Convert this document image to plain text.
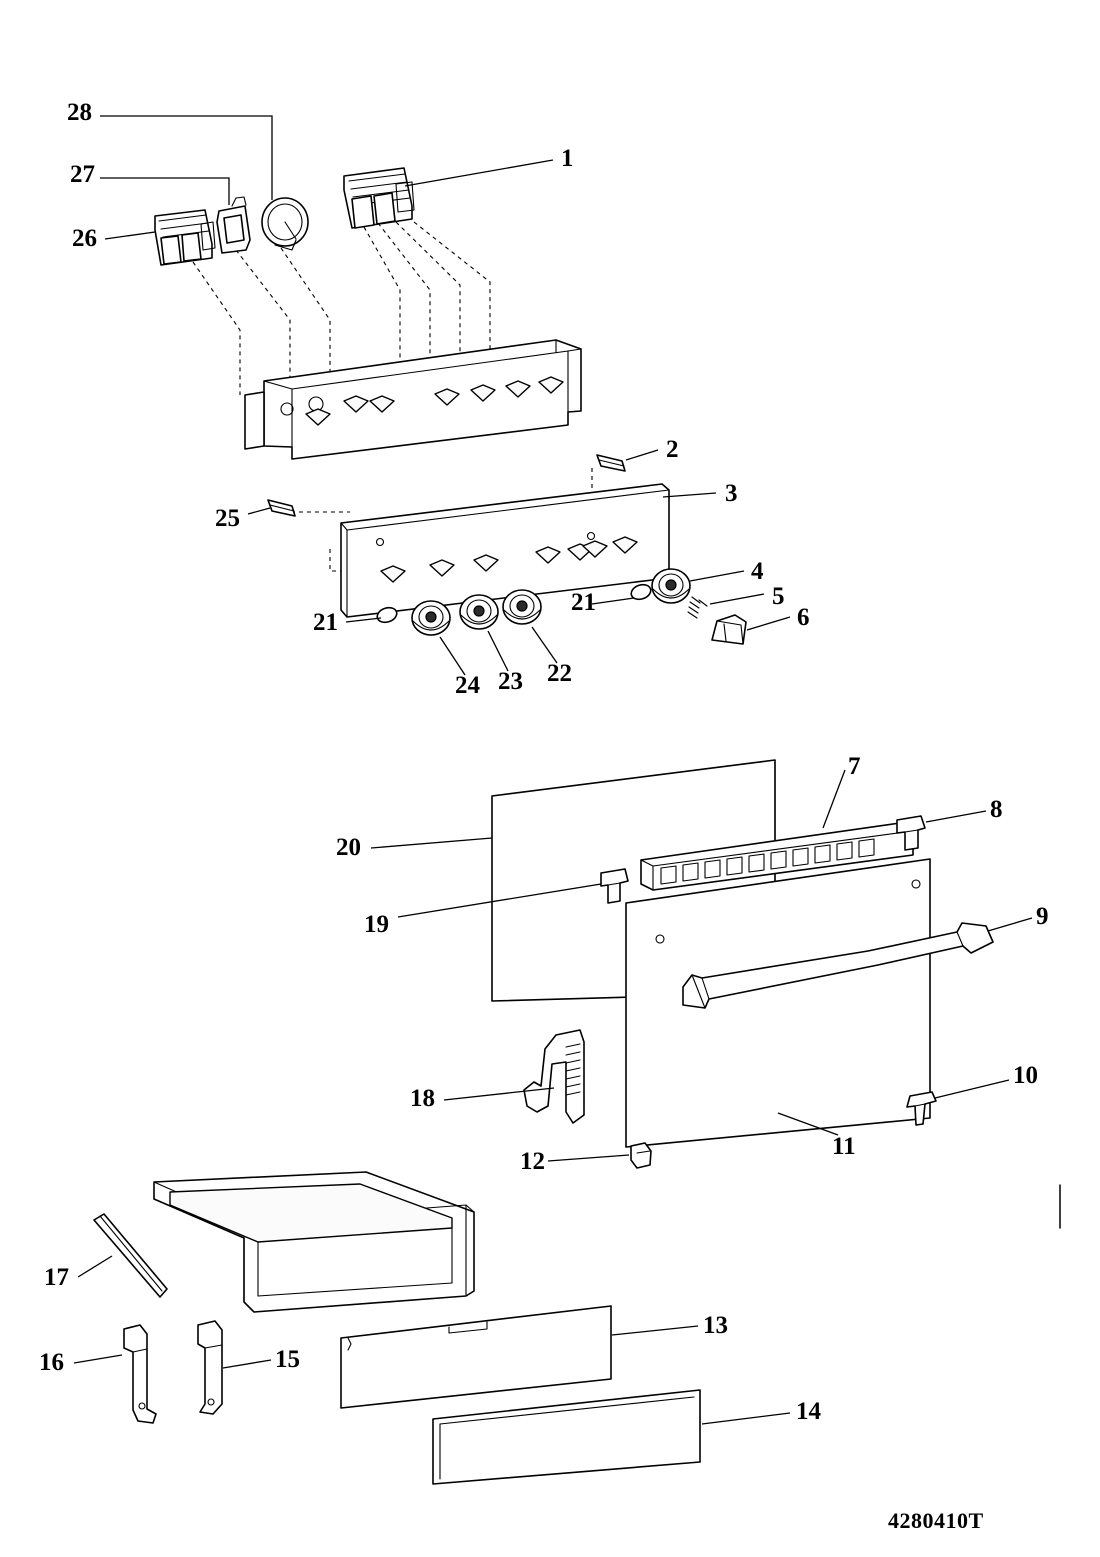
28
27
26
1
2
3
4
5
6
25
21
21
24 23 22
7
8
9
10
11
12
13
14
15
16
17
18
19
20
4280410T
